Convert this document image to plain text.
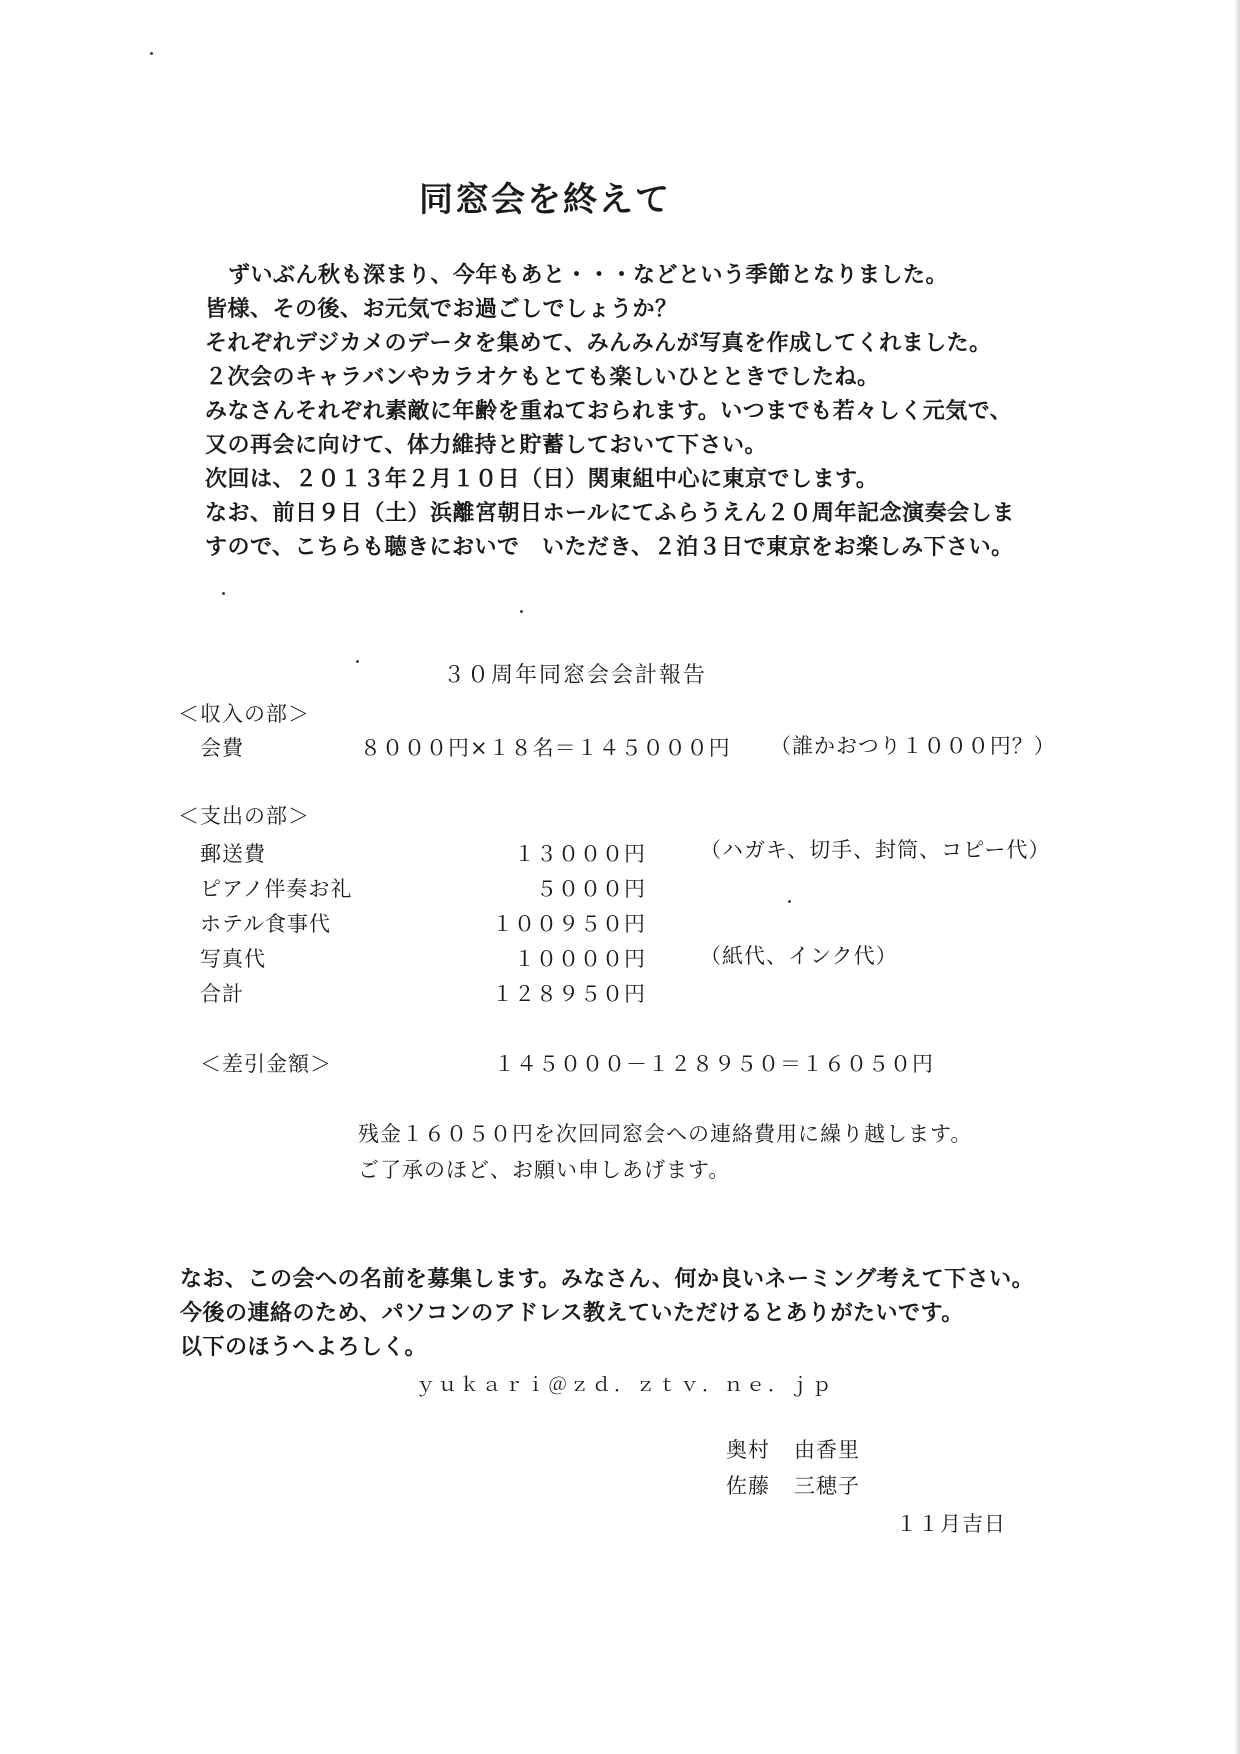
同窓会を終えて
ずいぶん秋も深まり、今年もあと・・・などという季節となりました。
皆様、その後、お元気でお過ごしでしょうか？
それぞれデジカメのデータを集めて、みんみんが写真を作成してくれました。
２次会のキャラバンやカラオケもとても楽しいひとときでしたね。
みなさんそれぞれ素敵に年齢を重ねておられます。いつまでも若々しく元気で、
又の再会に向けて、体力維持と貯蓄しておいて下さい。
次回は、２０１３年２月１０日（日）関東組中心に東京でします。
なお、前日９日（土）浜離宮朝日ホールにてふらうえん２０周年記念演奏会しま
すので、こちらも聴きにおいで　いただき、２泊３日で東京をお楽しみ下さい。
３０周年同窓会会計報告
＜収入の部＞
会費	８０００円×１８名＝１４５０００円 （誰かおつり１０００円？）
＜支出の部＞
郵送費	１３０００円	（ハガキ、切手、封筒、コピー代）
ピアノ伴奏お礼	５０００円
ホテル食事代	１００９５０円
写真代	１００００円	（紙代、インク代）
合計	１２８９５０円
＜差引金額＞	１４５０００－１２８９５０＝１６０５０円
残金１６０５０円を次回同窓会への連絡費用に繰り越します。
ご了承のほど、お願い申しあげます。
なお、この会への名前を募集します。みなさん、何か良いネーミング考えて下さい。
今後の連絡のため、パソコンのアドレス教えていただけるとありがたいです。
以下のほうへよろしく。
ｙｕｋａｒｉ＠ｚｄ．ｚｔｖ．ｎｅ．ｊｐ
奥村 由香里
佐藤 三穂子
１１月吉日
